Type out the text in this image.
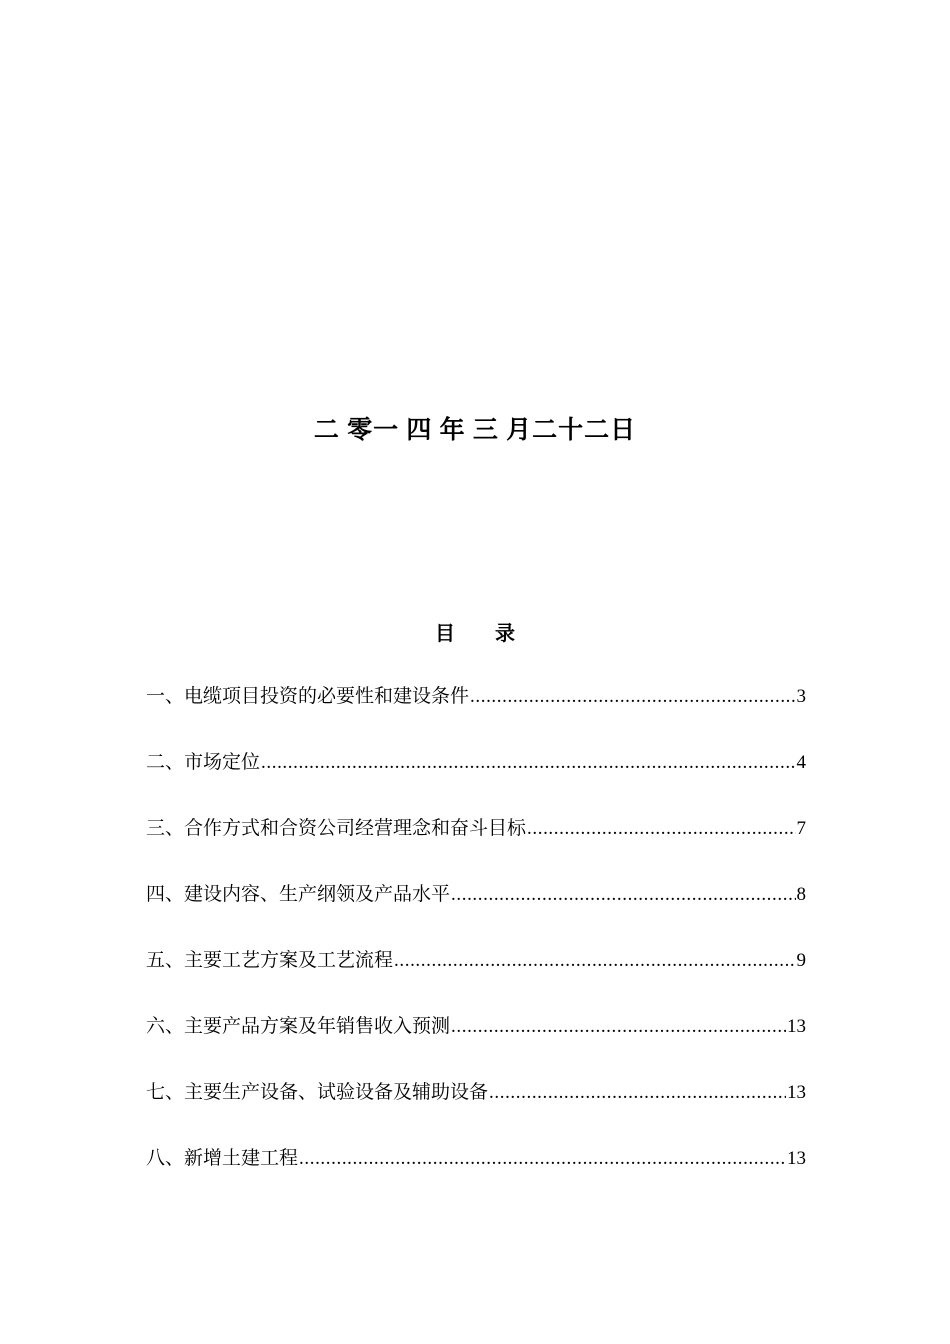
二 零一 四 年 三 月二十二日
目　　录
一、电缆项目投资的必要性和建设条件 .....	3
二、市场定位 .....	4
三、合作方式和合资公司经营理念和奋斗目标 .....	7
四、建设内容、生产纲领及产品水平 .....	8
五、主要工艺方案及工艺流程 .....	9
六、主要产品方案及年销售收入预测 .....	13
七、主要生产设备、试验设备及辅助设备 .....	13
八、新增土建工程 .....	13
